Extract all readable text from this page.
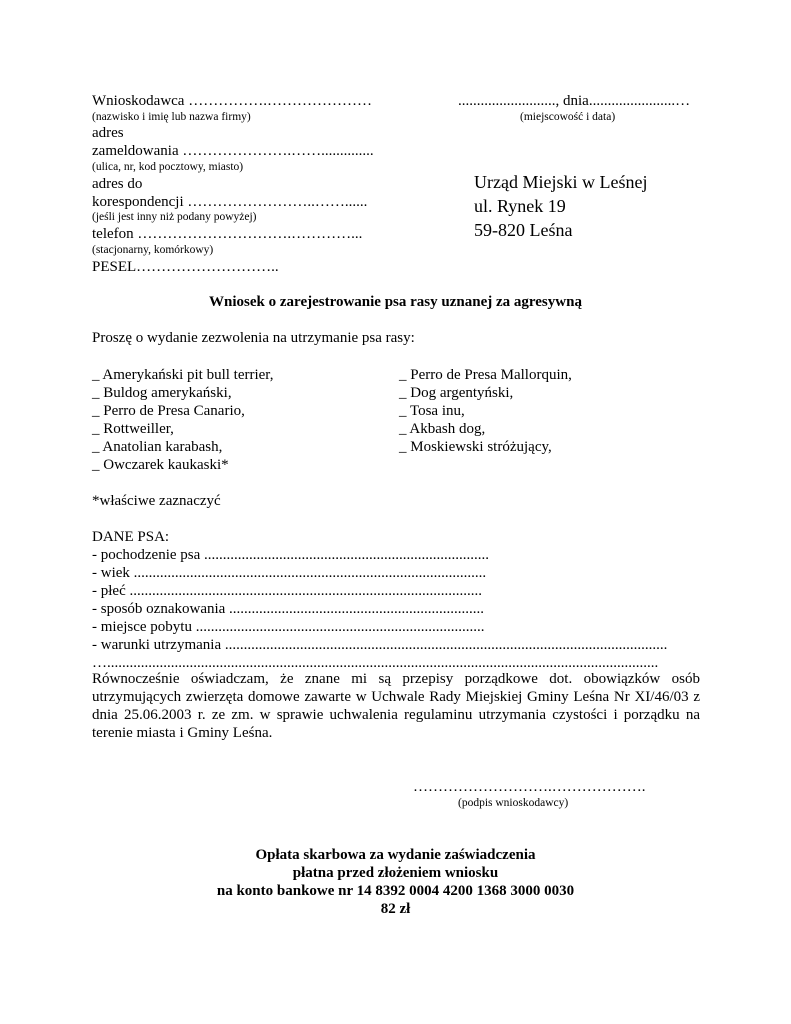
Wnioskodawca …………….…………………
(nazwisko i imię lub nazwa firmy)
adres
zameldowania ………………….……..............
(ulica, nr, kod pocztowy, miasto)
adres do
korespondencji ……………………..……......
(jeśli jest inny niż podany powyżej)
telefon ………………………….…………...
(stacjonarny, komórkowy)
PESEL………………………..
.........................., dnia.......................…
(miejscowość i data)
Urząd Miejski w Leśnej
ul. Rynek 19
59-820 Leśna
Wniosek o zarejestrowanie psa rasy uznanej za agresywną
Proszę o wydanie zezwolenia na utrzymanie psa rasy:
_ Amerykański pit bull terrier,
_ Buldog amerykański,
_ Perro de Presa Canario,
_ Rottweiller,
_ Anatolian karabash,
_ Owczarek kaukaski*
_ Perro de Presa Mallorquin,
_ Dog argentyński,
_ Tosa inu,
_ Akbash dog,
_ Moskiewski stróżujący,
*właściwe zaznaczyć
DANE PSA:
- pochodzenie psa ............................................................................
- wiek ..............................................................................................
- płeć ..............................................................................................
- sposób oznakowania ....................................................................
- miejsce pobytu .............................................................................
- warunki utrzymania ......................................................................................................................
…...................................................................................................................................................
Równocześnie oświadczam, że znane mi są przepisy porządkowe dot. obowiązków osób utrzymujących zwierzęta domowe zawarte w Uchwale Rady Miejskiej Gminy Leśna Nr XI/46/03 z dnia 25.06.2003 r. ze zm. w sprawie uchwalenia regulaminu utrzymania czystości i porządku na terenie miasta i Gminy Leśna.
……………………….……………….
(podpis wnioskodawcy)
Opłata skarbowa za wydanie zaświadczenia
płatna przed złożeniem wniosku
na konto bankowe nr 14 8392 0004 4200 1368 3000 0030
82 zł
